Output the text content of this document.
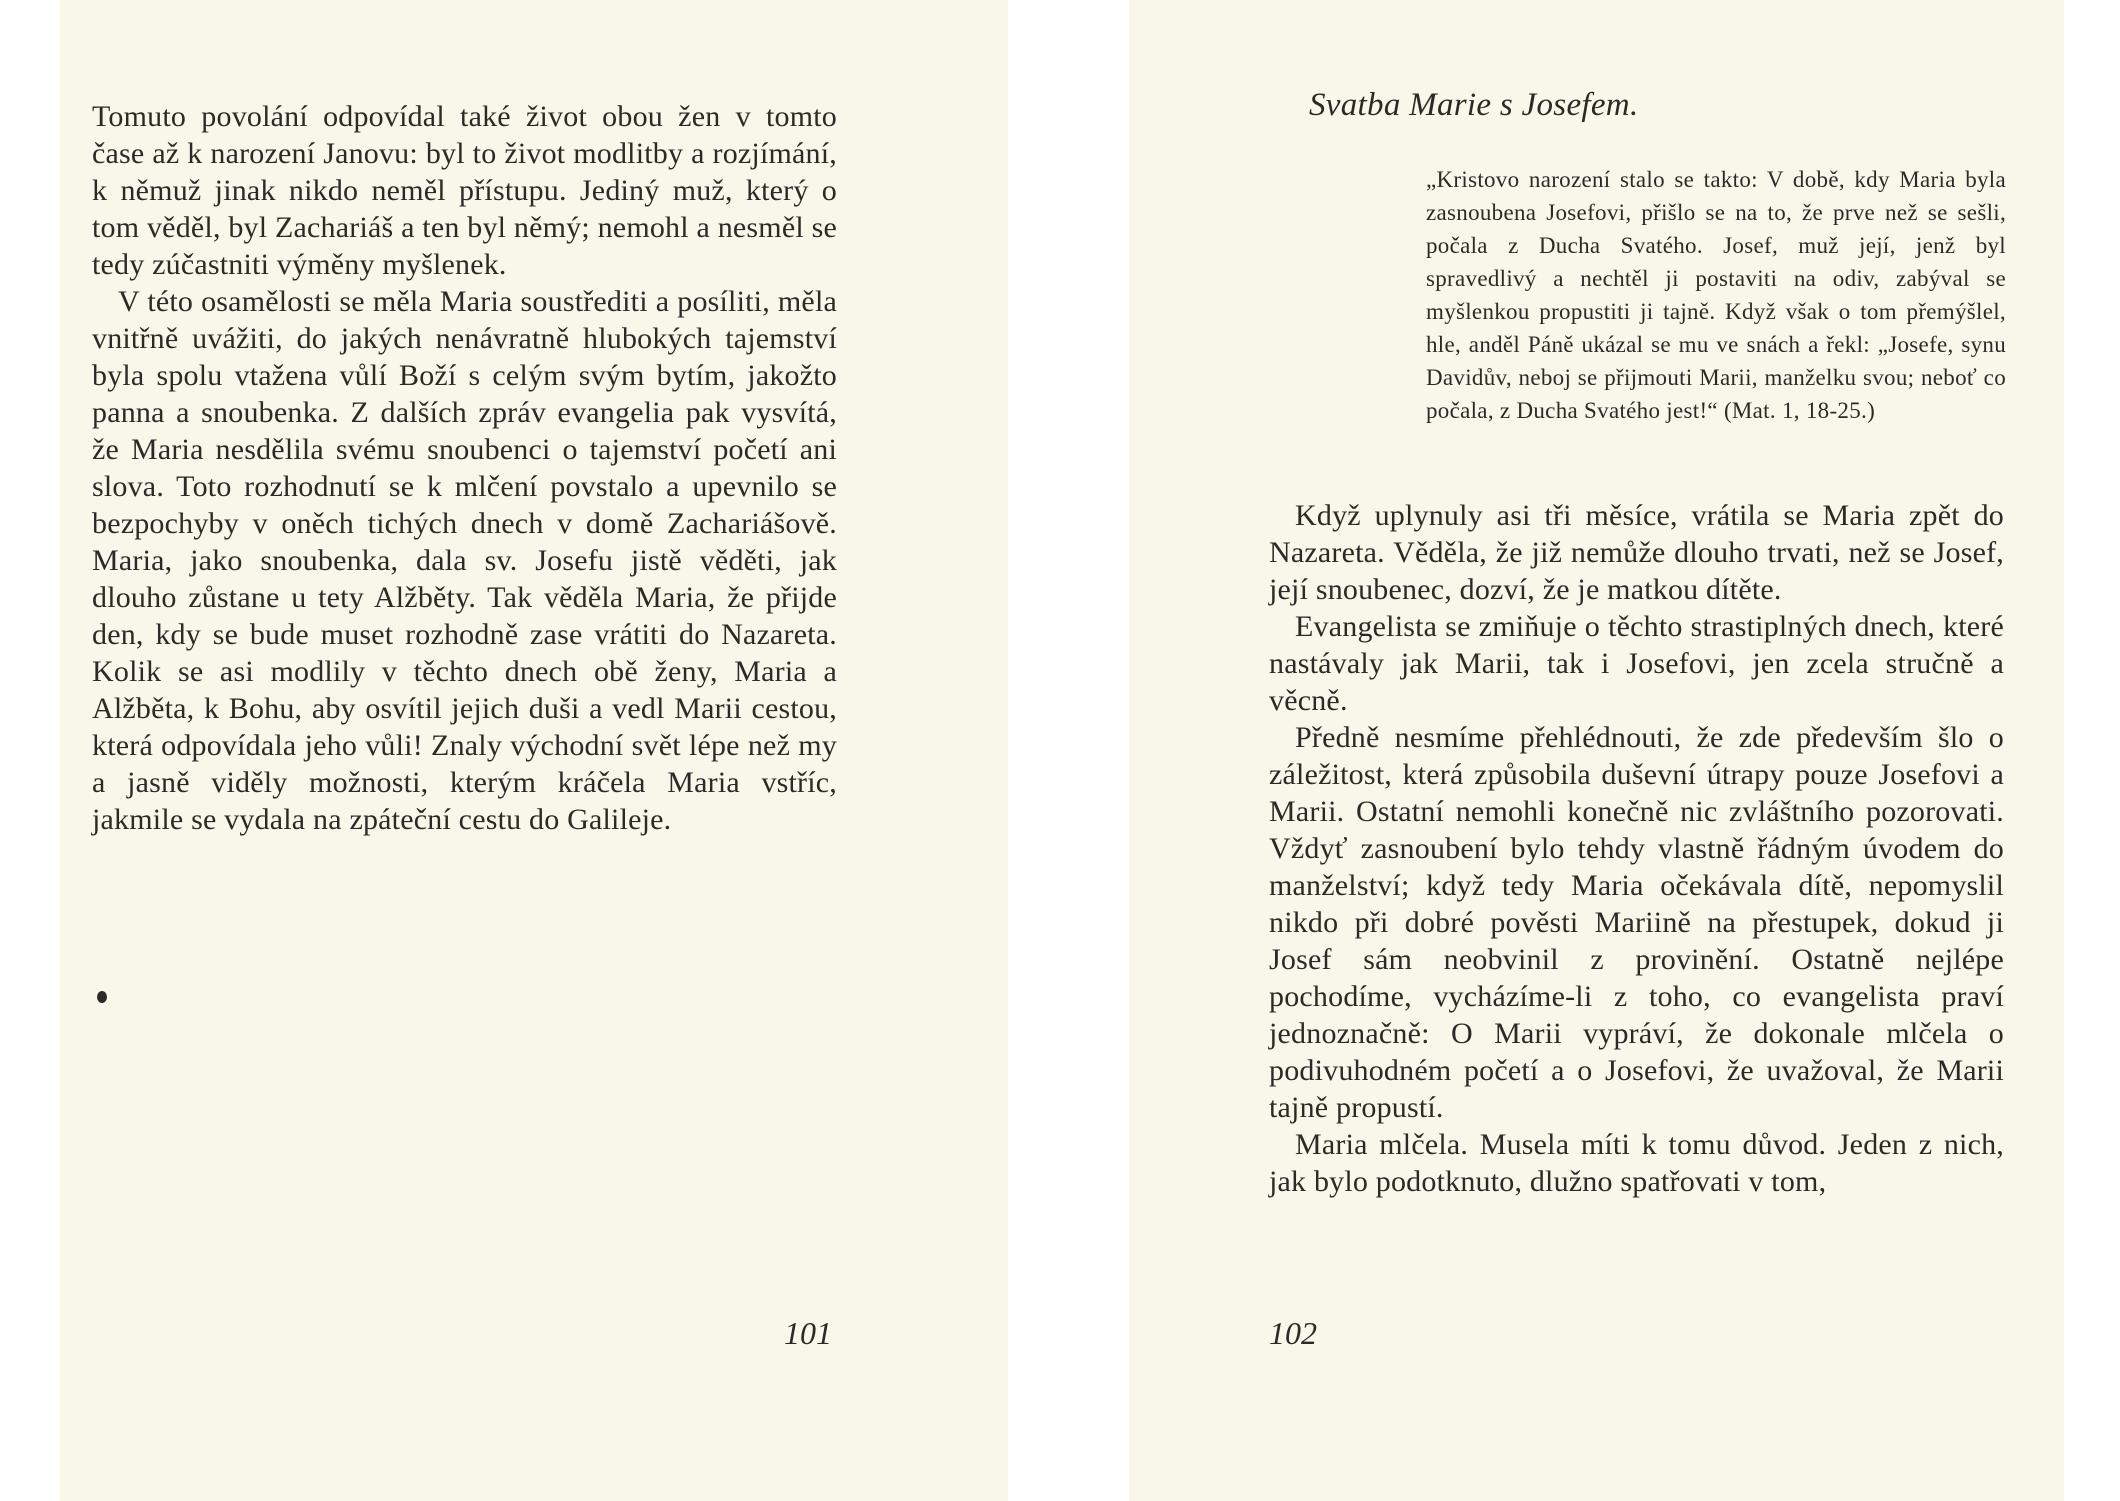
Tomuto povolání odpovídal také život obou žen v tomto čase až k narození Janovu: byl to život modlitby a rozjímání, k němuž jinak nikdo neměl přístupu. Jediný muž, který o tom věděl, byl Zachariáš a ten byl němý; nemohl a nesměl se tedy zúčastniti výměny myšlenek.

V této osamělosti se měla Maria soustřediti a posíliti, měla vnitřně uvážiti, do jakých nenávratně hlubokých tajemství byla spolu vtažena vůlí Boží s celým svým bytím, jakožto panna a snoubenka. Z dalších zpráv evangelia pak vysvítá, že Maria nesdělila svému snoubenci o tajemství početí ani slova. Toto rozhodnutí se k mlčení povstalo a upevnilo se bezpochyby v oněch tichých dnech v domě Zachariášově. Maria, jako snoubenka, dala sv. Josefu jistě věděti, jak dlouho zůstane u tety Alžběty. Tak věděla Maria, že přijde den, kdy se bude muset rozhodně zase vrátiti do Nazareta. Kolik se asi modlily v těchto dnech obě ženy, Maria a Alžběta, k Bohu, aby osvítil jejich duši a vedl Marii cestou, která odpovídala jeho vůli! Znaly východní svět lépe než my a jasně viděly možnosti, kterým kráčela Maria vstříc, jakmile se vydala na zpáteční cestu do Galileje.

101
Svatba Marie s Josefem.

„Kristovo narození stalo se takto: V době, kdy Maria byla zasnoubena Josefovi, přišlo se na to, že prve než se sešli, počala z Ducha Svatého. Josef, muž její, jenž byl spravedlivý a nechtěl ji postaviti na odiv, zabýval se myšlenkou propustiti ji tajně. Když však o tom přemýšlel, hle, anděl Páně ukázal se mu ve snách a řekl: „Josefe, synu Davidův, neboj se přijmouti Marii, manželku svou; neboť co počala, z Ducha Svatého jest!“ (Mat. 1, 18-25.)

Když uplynuly asi tři měsíce, vrátila se Maria zpět do Nazareta. Věděla, že již nemůže dlouho trvati, než se Josef, její snoubenec, dozví, že je matkou dítěte.

Evangelista se zmiňuje o těchto strastiplných dnech, které nastávaly jak Marii, tak i Josefovi, jen zcela stručně a věcně.

Předně nesmíme přehlédnouti, že zde především šlo o záležitost, která způsobila duševní útrapy pouze Josefovi a Marii. Ostatní nemohli konečně nic zvláštního pozorovati. Vždyť zasnoubení bylo tehdy vlastně řádným úvodem do manželství; když tedy Maria očekávala dítě, nepomyslil nikdo při dobré pověsti Mariině na přestupek, dokud ji Josef sám neobvinil z provinění. Ostatně nejlépe pochodíme, vycházíme-li z toho, co evangelista praví jednoznačně: O Marii vypráví, že dokonale mlčela o podivuhodném početí a o Josefovi, že uvažoval, že Marii tajně propustí.

Maria mlčela. Musela míti k tomu důvod. Jeden z nich, jak bylo podotknuto, dlužno spatřovati v tom,

102
